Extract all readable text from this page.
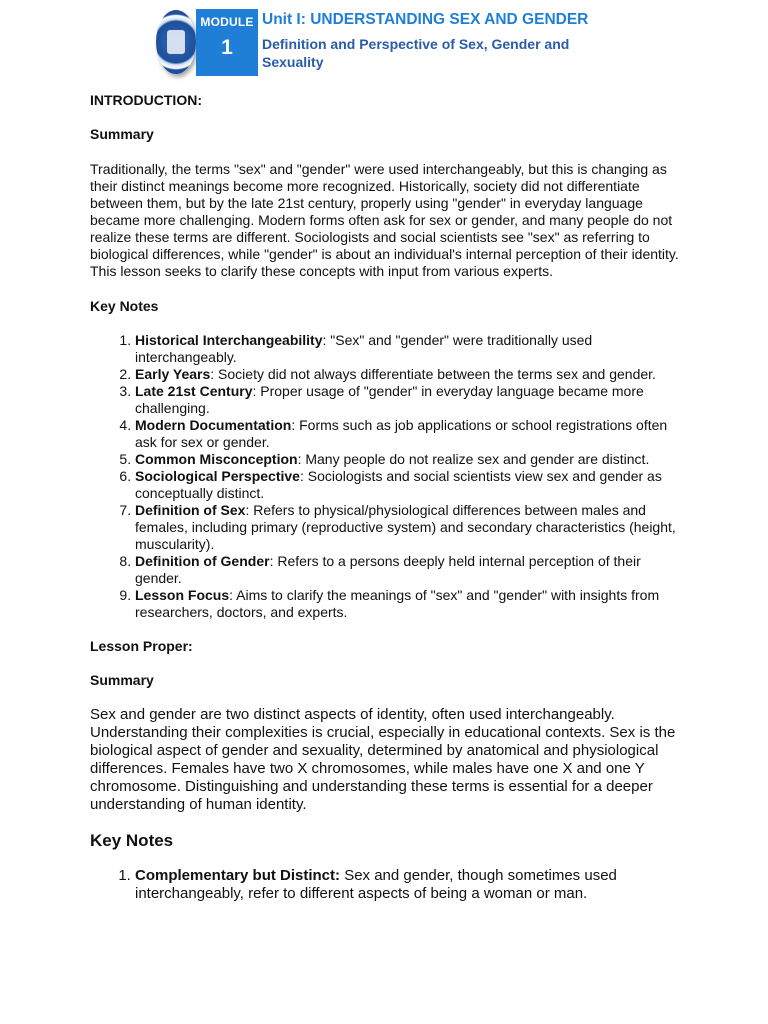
MODULE
1
Unit I: UNDERSTANDING SEX AND GENDER
Definition and Perspective of Sex, Gender and Sexuality

INTRODUCTION:

Summary

Traditionally, the terms "sex" and "gender" were used interchangeably, but this is changing as their distinct meanings become more recognized. Historically, society did not differentiate between them, but by the late 21st century, properly using "gender" in everyday language became more challenging. Modern forms often ask for sex or gender, and many people do not realize these terms are different. Sociologists and social scientists see "sex" as referring to biological differences, while "gender" is about an individual's internal perception of their identity. This lesson seeks to clarify these concepts with input from various experts.

Key Notes

1. Historical Interchangeability: "Sex" and "gender" were traditionally used interchangeably.
2. Early Years: Society did not always differentiate between the terms sex and gender.
3. Late 21st Century: Proper usage of "gender" in everyday language became more challenging.
4. Modern Documentation: Forms such as job applications or school registrations often ask for sex or gender.
5. Common Misconception: Many people do not realize sex and gender are distinct.
6. Sociological Perspective: Sociologists and social scientists view sex and gender as conceptually distinct.
7. Definition of Sex: Refers to physical/physiological differences between males and females, including primary (reproductive system) and secondary characteristics (height, muscularity).
8. Definition of Gender: Refers to a persons deeply held internal perception of their gender.
9. Lesson Focus: Aims to clarify the meanings of "sex" and "gender" with insights from researchers, doctors, and experts.

Lesson Proper:

Summary

Sex and gender are two distinct aspects of identity, often used interchangeably. Understanding their complexities is crucial, especially in educational contexts. Sex is the biological aspect of gender and sexuality, determined by anatomical and physiological differences. Females have two X chromosomes, while males have one X and one Y chromosome. Distinguishing and understanding these terms is essential for a deeper understanding of human identity.

Key Notes

1. Complementary but Distinct: Sex and gender, though sometimes used interchangeably, refer to different aspects of being a woman or man.
